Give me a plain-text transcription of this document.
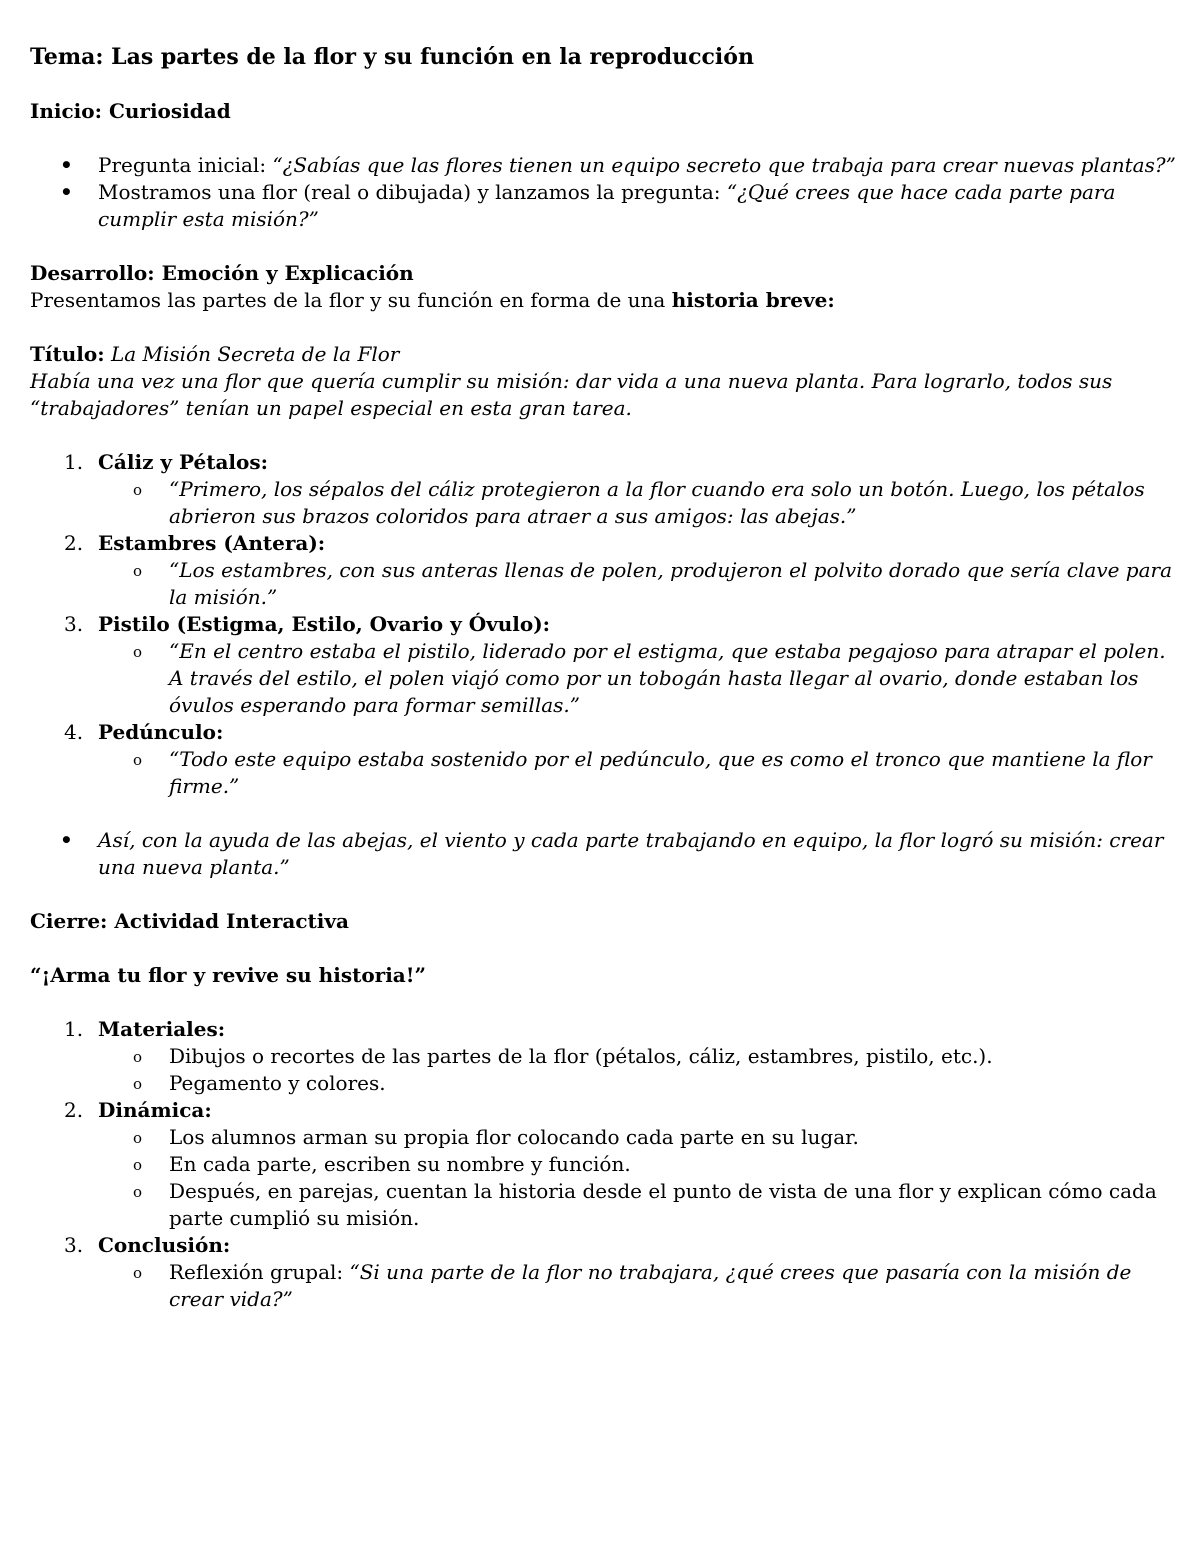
Tema: Las partes de la flor y su función en la reproducción
Inicio: Curiosidad
• Pregunta inicial: “¿Sabías que las flores tienen un equipo secreto que trabaja para crear nuevas plantas?”
• Mostramos una flor (real o dibujada) y lanzamos la pregunta: “¿Qué crees que hace cada parte para cumplir esta misión?”
Desarrollo: Emoción y Explicación
Presentamos las partes de la flor y su función en forma de una historia breve:
Título: La Misión Secreta de la Flor
Había una vez una flor que quería cumplir su misión: dar vida a una nueva planta. Para lograrlo, todos sus “trabajadores” tenían un papel especial en esta gran tarea.
1. Cáliz y Pétalos:
o “Primero, los sépalos del cáliz protegieron a la flor cuando era solo un botón. Luego, los pétalos abrieron sus brazos coloridos para atraer a sus amigos: las abejas.”
2. Estambres (Antera):
o “Los estambres, con sus anteras llenas de polen, produjeron el polvito dorado que sería clave para la misión.”
3. Pistilo (Estigma, Estilo, Ovario y Óvulo):
o “En el centro estaba el pistilo, liderado por el estigma, que estaba pegajoso para atrapar el polen. A través del estilo, el polen viajó como por un tobogán hasta llegar al ovario, donde estaban los óvulos esperando para formar semillas.”
4. Pedúnculo:
o “Todo este equipo estaba sostenido por el pedúnculo, que es como el tronco que mantiene la flor firme.”
• Así, con la ayuda de las abejas, el viento y cada parte trabajando en equipo, la flor logró su misión: crear una nueva planta.”
Cierre: Actividad Interactiva
“¡Arma tu flor y revive su historia!”
1. Materiales:
o Dibujos o recortes de las partes de la flor (pétalos, cáliz, estambres, pistilo, etc.).
o Pegamento y colores.
2. Dinámica:
o Los alumnos arman su propia flor colocando cada parte en su lugar.
o En cada parte, escriben su nombre y función.
o Después, en parejas, cuentan la historia desde el punto de vista de una flor y explican cómo cada parte cumplió su misión.
3. Conclusión:
o Reflexión grupal: “Si una parte de la flor no trabajara, ¿qué crees que pasaría con la misión de crear vida?”
